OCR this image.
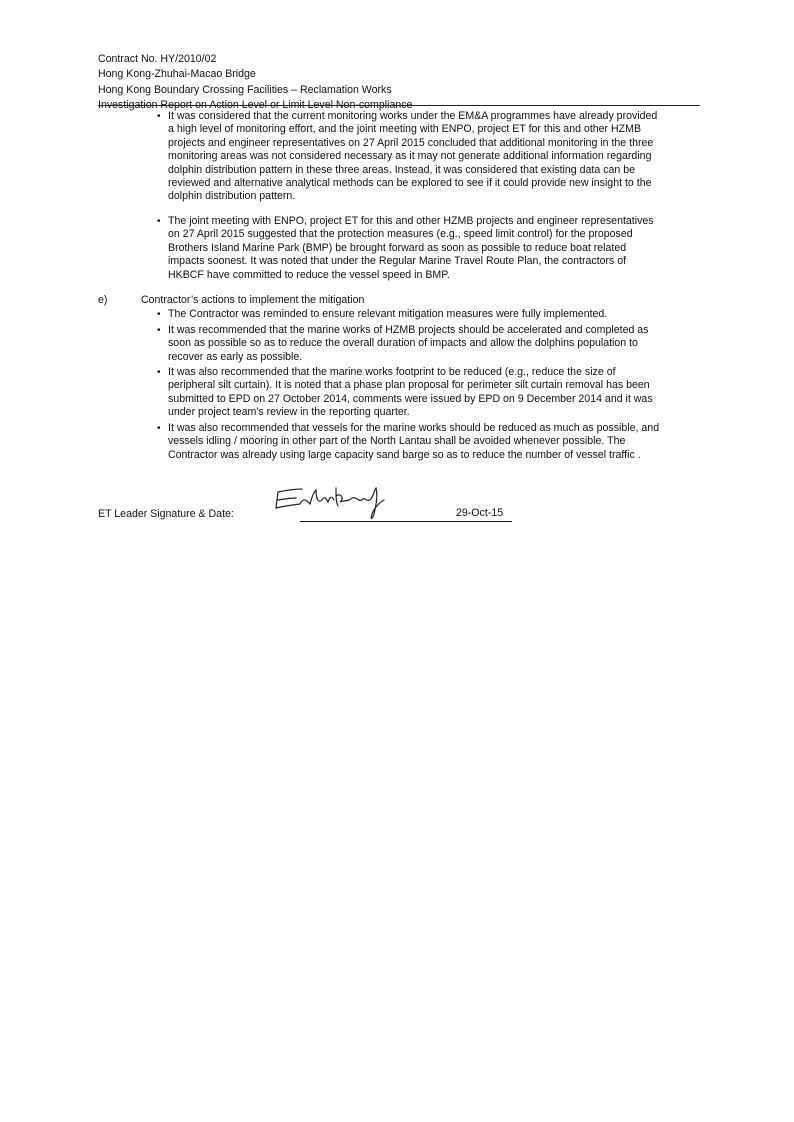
Contract No. HY/2010/02
Hong Kong-Zhuhai-Macao Bridge
Hong Kong Boundary Crossing Facilities – Reclamation Works
Investigation Report on Action Level or Limit Level Non-compliance
• It was considered that the current monitoring works under the EM&A programmes have already provided

a high level of monitoring effort, and the joint meeting with ENPO, project ET for this and other HZMB

projects and engineer representatives on 27 April 2015 concluded that additional monitoring in the three

monitoring areas was not considered necessary as it may not generate additional information regarding

dolphin distribution pattern in these three areas. Instead, it was considered that existing data can be

reviewed and alternative analytical methods can be explored to see if it could provide new insight to the

dolphin distribution pattern.

• The joint meeting with ENPO, project ET for this and other HZMB projects and engineer representatives

on 27 April 2015 suggested that the protection measures (e.g., speed limit control) for the proposed

Brothers Island Marine Park (BMP) be brought forward as soon as possible to reduce boat related

impacts soonest. It was noted that under the Regular Marine Travel Route Plan, the contractors of

HKBCF have committed to reduce the vessel speed in BMP.

e)	Contractor’s actions to implement the mitigation
• The Contractor was reminded to ensure relevant mitigation measures were fully implemented.

• It was recommended that the marine works of HZMB projects should be accelerated and completed as

soon as possible so as to reduce the overall duration of impacts and allow the dolphins population to

recover as early as possible.

• It was also recommended that the marine works footprint to be reduced (e.g., reduce the size of

peripheral silt curtain). It is noted that a phase plan proposal for perimeter silt curtain removal has been

submitted to EPD on 27 October 2014, comments were issued by EPD on 9 December 2014 and it was

under project team's review in the reporting quarter.

• It was also recommended that vessels for the marine works should be reduced as much as possible, and

vessels idling / mooring in other part of the North Lantau shall be avoided whenever possible. The

Contractor was already using large capacity sand barge so as to reduce the number of vessel traffic .

ET Leader Signature & Date:	29-Oct-15
